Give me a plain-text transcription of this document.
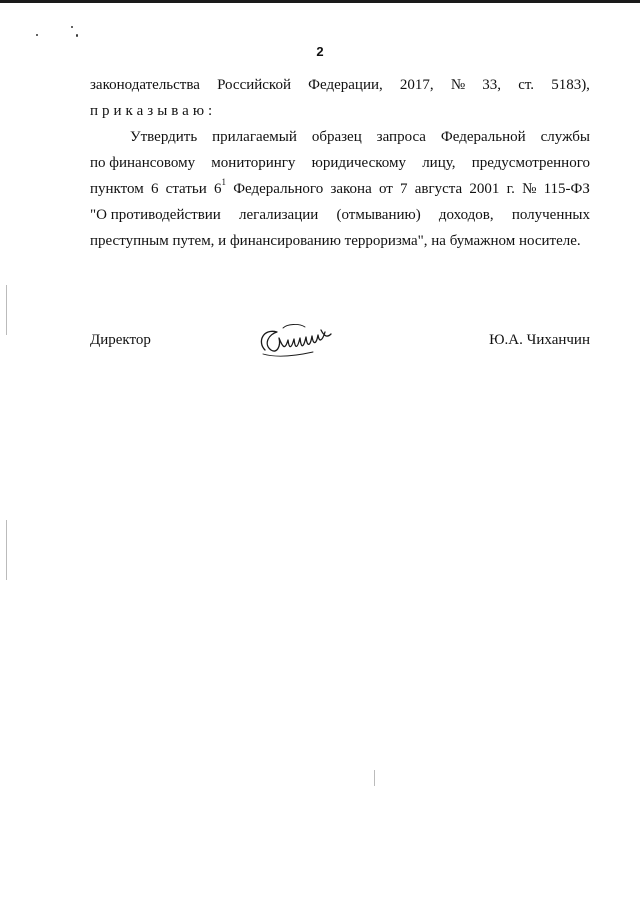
2
законодательства Российской Федерации, 2017, № 33, ст. 5183),
приказываю:
Утвердить прилагаемый образец запроса Федеральной службы
по финансовому мониторингу юридическому лицу, предусмотренного
пунктом 6 статьи $6^1$ Федерального закона от 7 августа 2001 г. № 115-ФЗ
"О противодействии легализации (отмыванию) доходов, полученных
преступным путем, и финансированию терроризма", на бумажном носителе.
Директор	Ю.А. Чиханчин
